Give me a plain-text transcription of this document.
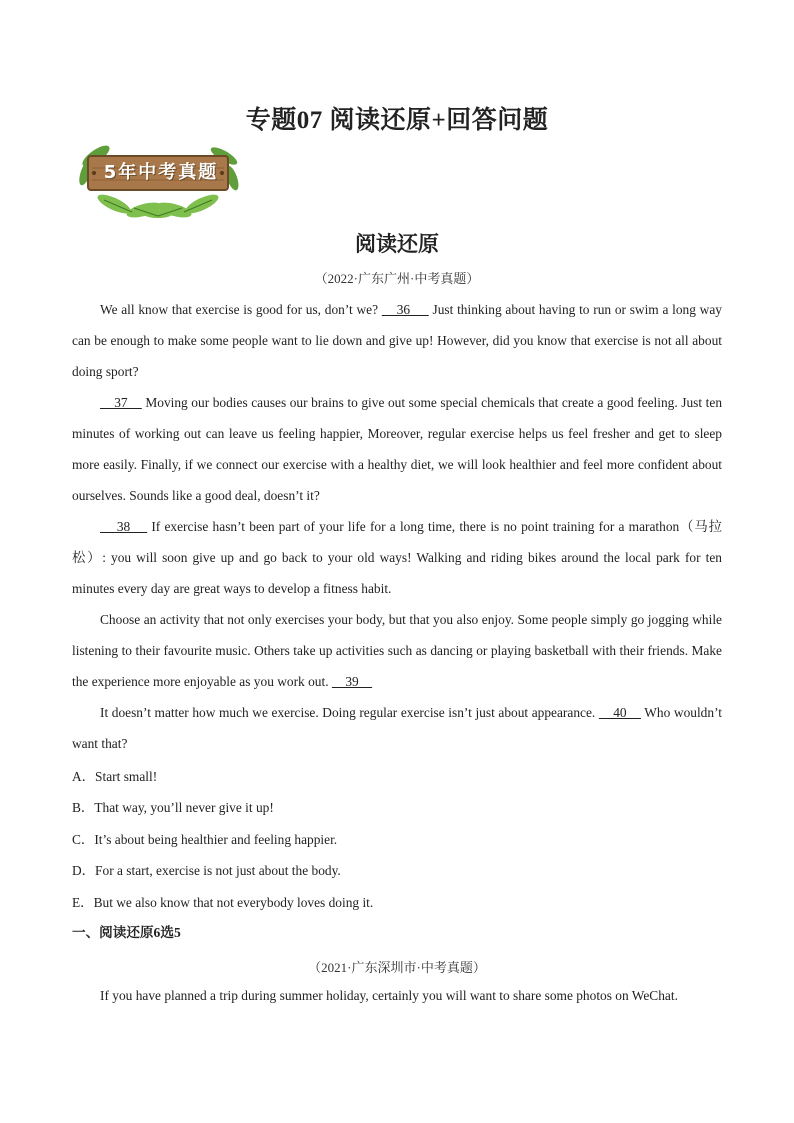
专题07 阅读还原+回答问题
5年中考真题
阅读还原
（2022·广东广州·中考真题）

We all know that exercise is good for us, don’t we?     36      Just thinking about having to run or swim a long way can be enough to make some people want to lie down and give up! However, did you know that exercise is not all about doing sport?

37     Moving our bodies causes our brains to give out some special chemicals that create a good feeling. Just ten minutes of working out can leave us feeling happier, Moreover, regular exercise helps us feel fresher and get to sleep more easily. Finally, if we connect our exercise with a healthy diet, we will look healthier and feel more confident about ourselves. Sounds like a good deal, doesn’t it?

38     If exercise hasn’t been part of your life for a long time, there is no point training for a marathon（马拉松）: you will soon give up and go back to your old ways! Walking and riding bikes around the local park for ten minutes every day are great ways to develop a fitness habit.

Choose an activity that not only exercises your body, but that you also enjoy. Some people simply go jogging while listening to their favourite music. Others take up activities such as dancing or playing basketball with their friends. Make the experience more enjoyable as you work out.     39

It doesn’t matter how much we exercise. Doing regular exercise isn’t just about appearance.     40     Who wouldn’t want that?

A．Start small!
B．That way, you’ll never give it up!
C．It’s about being healthier and feeling happier.
D．For a start, exercise is not just about the body.
E．But we also know that not everybody loves doing it.
一、阅读还原6选5
（2021·广东深圳市·中考真题）

If you have planned a trip during summer holiday, certainly you will want to share some photos on WeChat.
